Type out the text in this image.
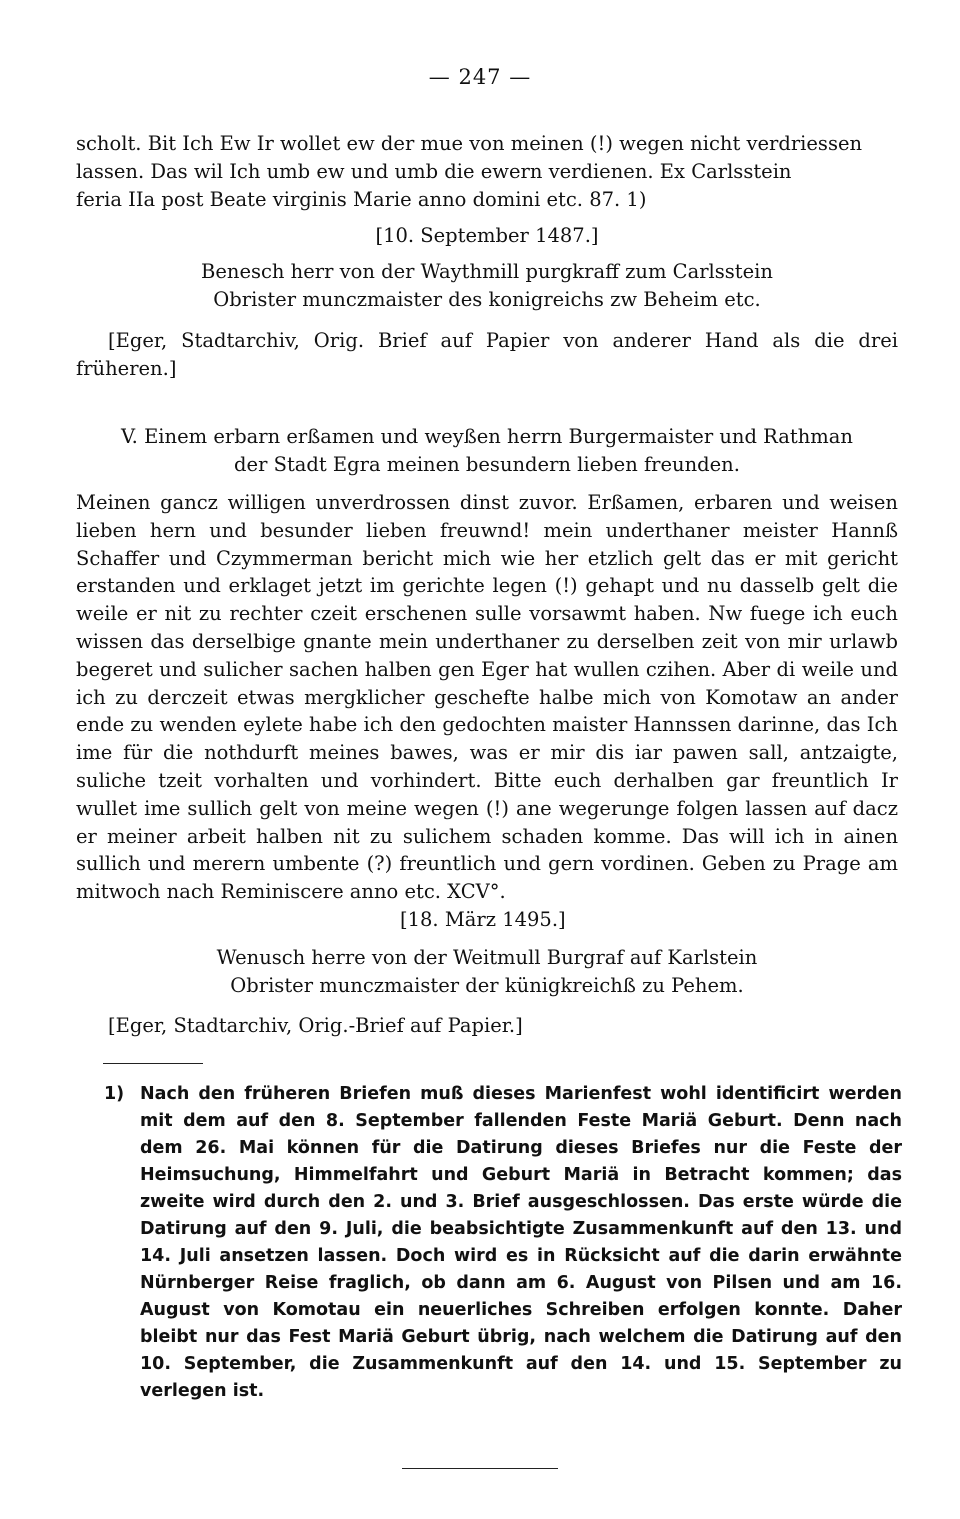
— 247 —

scholt. Bit Ich Ew Ir wollet ew der mue von meinen (!) wegen nicht verdriessen

lassen. Das wil Ich umb ew und umb die ewern verdienen. Ex Carlsstein

feria IIa post Beate virginis Marie anno domini etc. 87. 1)

[10. September 1487.]

Benesch herr von der Waythmill purgkraff zum Carlsstein

Obrister munczmaister des konigreichs zw Beheim etc.

[Eger, Stadtarchiv, Orig. Brief auf Papier von anderer Hand als die drei früheren.]

V. Einem erbarn erßamen und weyßen herrn Burgermaister und Rathman

der Stadt Egra meinen besundern lieben freunden.

Meinen gancz willigen unverdrossen dinst zuvor. Erßamen, erbaren und weisen lieben hern und besunder lieben freuwnd! mein underthaner meister Hannß Schaffer und Czymmerman bericht mich wie her etzlich gelt das er mit gericht erstanden und erklaget jetzt im gerichte legen (!) gehapt und nu dasselb gelt die weile er nit zu rechter czeit erschenen sulle vorsawmt haben. Nw fuege ich euch wissen das derselbige gnante mein underthaner zu derselben zeit von mir urlawb begeret und sulicher sachen halben gen Eger hat wullen czihen. Aber di weile und ich zu derczeit etwas mergklicher geschefte halbe mich von Komotaw an ander ende zu wenden eylete habe ich den gedochten maister Hannssen darinne, das Ich ime für die nothdurft meines bawes, was er mir dis iar pawen sall, antzaigte, suliche tzeit vorhalten und vorhindert. Bitte euch derhalben gar freuntlich Ir wullet ime sullich gelt von meine wegen (!) ane wegerunge folgen lassen auf dacz er meiner arbeit halben nit zu sulichem schaden komme. Das will ich in ainen sullich und merern umbente (?) freuntlich und gern vordinen. Geben zu Prage am mitwoch nach Reminiscere anno etc. XCV°.

[18. März 1495.]

Wenusch herre von der Weitmull Burgraf auf Karlstein

Obrister munczmaister der künigkreichß zu Pehem.

[Eger, Stadtarchiv, Orig.-Brief auf Papier.]

1) Nach den früheren Briefen muß dieses Marienfest wohl identificirt werden mit dem auf den 8. September fallenden Feste Mariä Geburt. Denn nach dem 26. Mai können für die Datirung dieses Briefes nur die Feste der Heimsuchung, Himmelfahrt und Geburt Mariä in Betracht kommen; das zweite wird durch den 2. und 3. Brief ausgeschlossen. Das erste würde die Datirung auf den 9. Juli, die beabsichtigte Zusammenkunft auf den 13. und 14. Juli ansetzen lassen. Doch wird es in Rücksicht auf die darin erwähnte Nürnberger Reise fraglich, ob dann am 6. August von Pilsen und am 16. August von Komotau ein neuerliches Schreiben erfolgen konnte. Daher bleibt nur das Fest Mariä Geburt übrig, nach welchem die Datirung auf den 10. September, die Zusammenkunft auf den 14. und 15. September zu verlegen ist.
